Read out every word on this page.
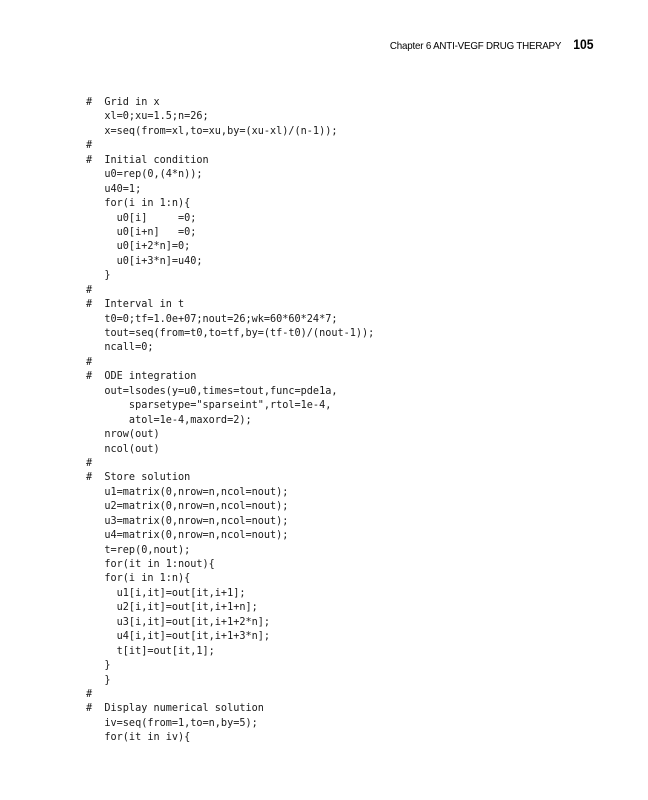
Chapter 6 ANTI-VEGF DRUG THERAPY 105
#  Grid in x
xl=0;xu=1.5;n=26;
x=seq(from=xl,to=xu,by=(xu-xl)/(n-1));
#
#  Initial condition
u0=rep(0,(4*n));
u40=1;
for(i in 1:n){
u0[i]     =0;
u0[i+n]   =0;
u0[i+2*n]=0;
u0[i+3*n]=u40;
}
#
#  Interval in t
t0=0;tf=1.0e+07;nout=26;wk=60*60*24*7;
tout=seq(from=t0,to=tf,by=(tf-t0)/(nout-1));
ncall=0;
#
#  ODE integration
out=lsodes(y=u0,times=tout,func=pde1a,
sparsetype="sparseint",rtol=1e-4,
atol=1e-4,maxord=2);
nrow(out)
ncol(out)
#
#  Store solution
u1=matrix(0,nrow=n,ncol=nout);
u2=matrix(0,nrow=n,ncol=nout);
u3=matrix(0,nrow=n,ncol=nout);
u4=matrix(0,nrow=n,ncol=nout);
t=rep(0,nout);
for(it in 1:nout){
for(i in 1:n){
u1[i,it]=out[it,i+1];
u2[i,it]=out[it,i+1+n];
u3[i,it]=out[it,i+1+2*n];
u4[i,it]=out[it,i+1+3*n];
t[it]=out[it,1];
}
}
#
#  Display numerical solution
iv=seq(from=1,to=n,by=5);
for(it in iv){
